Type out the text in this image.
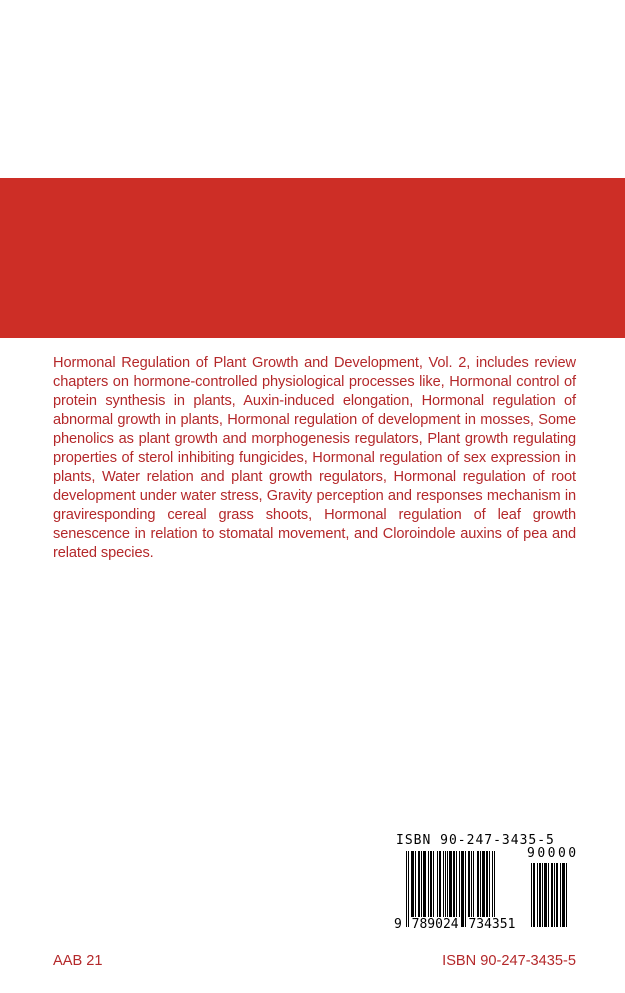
Hormonal Regulation of Plant Growth and Development, Vol. 2, includes review chapters on hormone-controlled physiological processes like, Hormonal control of protein synthesis in plants, Auxin-induced elongation, Hormonal regulation of abnormal growth in plants, Hormonal regulation of development in mosses, Some phenolics as plant growth and morphogenesis regulators, Plant growth regulating properties of sterol inhibiting fungicides, Hormonal regulation of sex expression in plants, Water relation and plant growth regulators, Hormonal regulation of root development under water stress, Gravity perception and responses mechanism in graviresponding cereal grass shoots, Hormonal regulation of leaf growth senescence in relation to stomatal movement, and Cloroindole auxins of pea and related species.
ISBN 90-247-3435-5
90000
9 789024 734351
AAB 21	ISBN 90-247-3435-5
